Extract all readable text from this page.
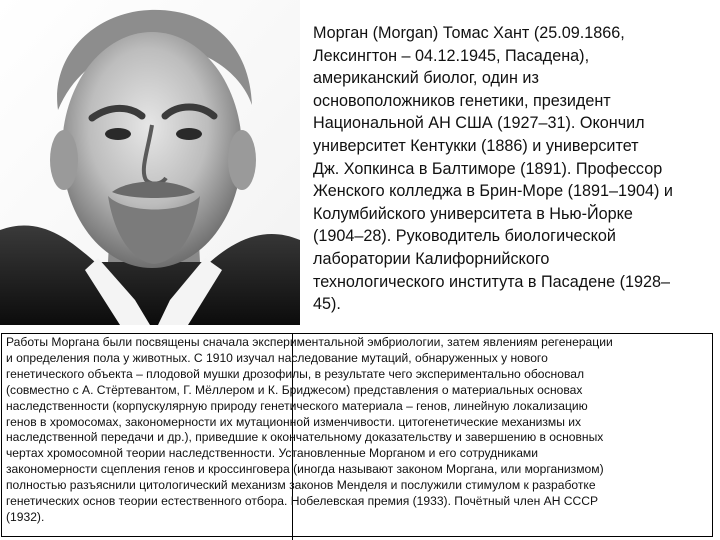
Морган (Morgan) Томас Хант (25.09.1866,
Лексингтон – 04.12.1945, Пасадена),
американский биолог, один из
основоположников генетики, президент
Национальной АН США (1927–31). Окончил
университет Кентукки (1886) и университет
Дж. Хопкинса в Балтиморе (1891). Профессор
Женского колледжа в Брин-Море (1891–1904) и
Колумбийского университета в Нью-Йорке
(1904–28). Руководитель биологической
лаборатории Калифорнийского
технологического института в Пасадене (1928–
45).
Работы Моргана были посвящены сначала экспериментальной эмбриологии, затем явлениям регенерации
и определения пола у животных. С 1910 изучал наследование мутаций, обнаруженных у нового
генетического объекта – плодовой мушки дрозофилы, в результате чего экспериментально обосновал
(совместно с А. Стёртевантом, Г. Мёллером и К. Бриджесом) представления о материальных основах
наследственности (корпускулярную природу генетического материала – генов, линейную локализацию
генов в хромосомах, закономерности их мутационной изменчивости. цитогенетические механизмы их
наследственной передачи и др.), приведшие к окончательному доказательству и завершению в основных
чертах хромосомной теории наследственности. Установленные Морганом и его сотрудниками
закономерности сцепления генов и кроссинговера (иногда называют законом Моргана, или морганизмом)
полностью разъяснили цитологический механизм законов Менделя и послужили стимулом к разработке
генетических основ теории естественного отбора. Нобелевская премия (1933). Почётный член АН СССР
(1932).
